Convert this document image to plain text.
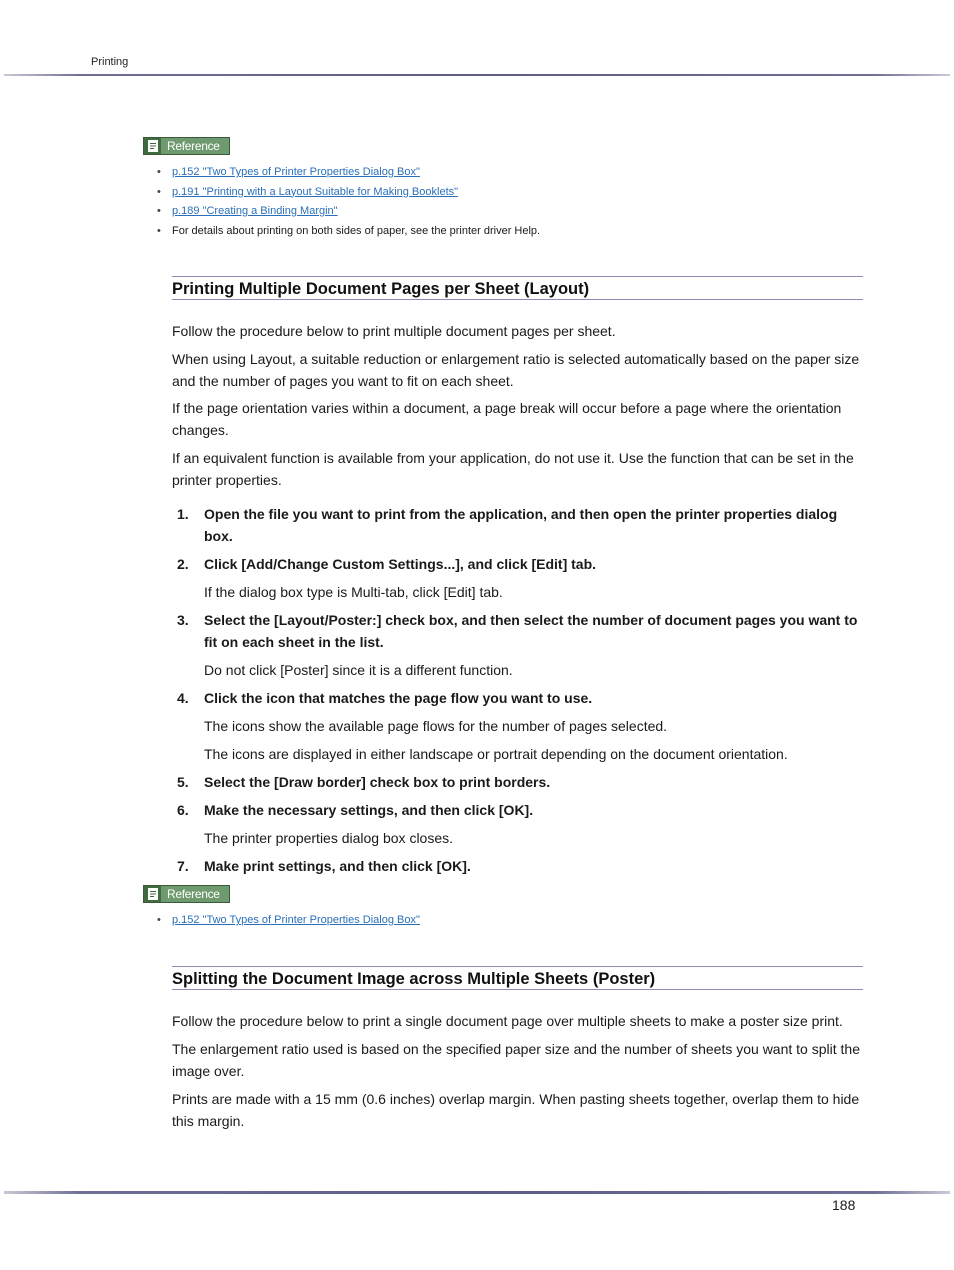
Printing
Reference
• p.152 "Two Types of Printer Properties Dialog Box"
• p.191 "Printing with a Layout Suitable for Making Booklets"
• p.189 "Creating a Binding Margin"
• For details about printing on both sides of paper, see the printer driver Help.
Printing Multiple Document Pages per Sheet (Layout)

Follow the procedure below to print multiple document pages per sheet.

When using Layout, a suitable reduction or enlargement ratio is selected automatically based on the paper size and the number of pages you want to fit on each sheet.

If the page orientation varies within a document, a page break will occur before a page where the orientation changes.

If an equivalent function is available from your application, do not use it. Use the function that can be set in the printer properties.

1. Open the file you want to print from the application, and then open the printer properties dialog box.
2. Click [Add/Change Custom Settings...], and click [Edit] tab.
If the dialog box type is Multi-tab, click [Edit] tab.
3. Select the [Layout/Poster:] check box, and then select the number of document pages you want to fit on each sheet in the list.
Do not click [Poster] since it is a different function.
4. Click the icon that matches the page flow you want to use.
The icons show the available page flows for the number of pages selected.
The icons are displayed in either landscape or portrait depending on the document orientation.
5. Select the [Draw border] check box to print borders.
6. Make the necessary settings, and then click [OK].
The printer properties dialog box closes.
7. Make print settings, and then click [OK].
Reference
• p.152 "Two Types of Printer Properties Dialog Box"
Splitting the Document Image across Multiple Sheets (Poster)

Follow the procedure below to print a single document page over multiple sheets to make a poster size print.

The enlargement ratio used is based on the specified paper size and the number of sheets you want to split the image over.

Prints are made with a 15 mm (0.6 inches) overlap margin. When pasting sheets together, overlap them to hide this margin.

188
